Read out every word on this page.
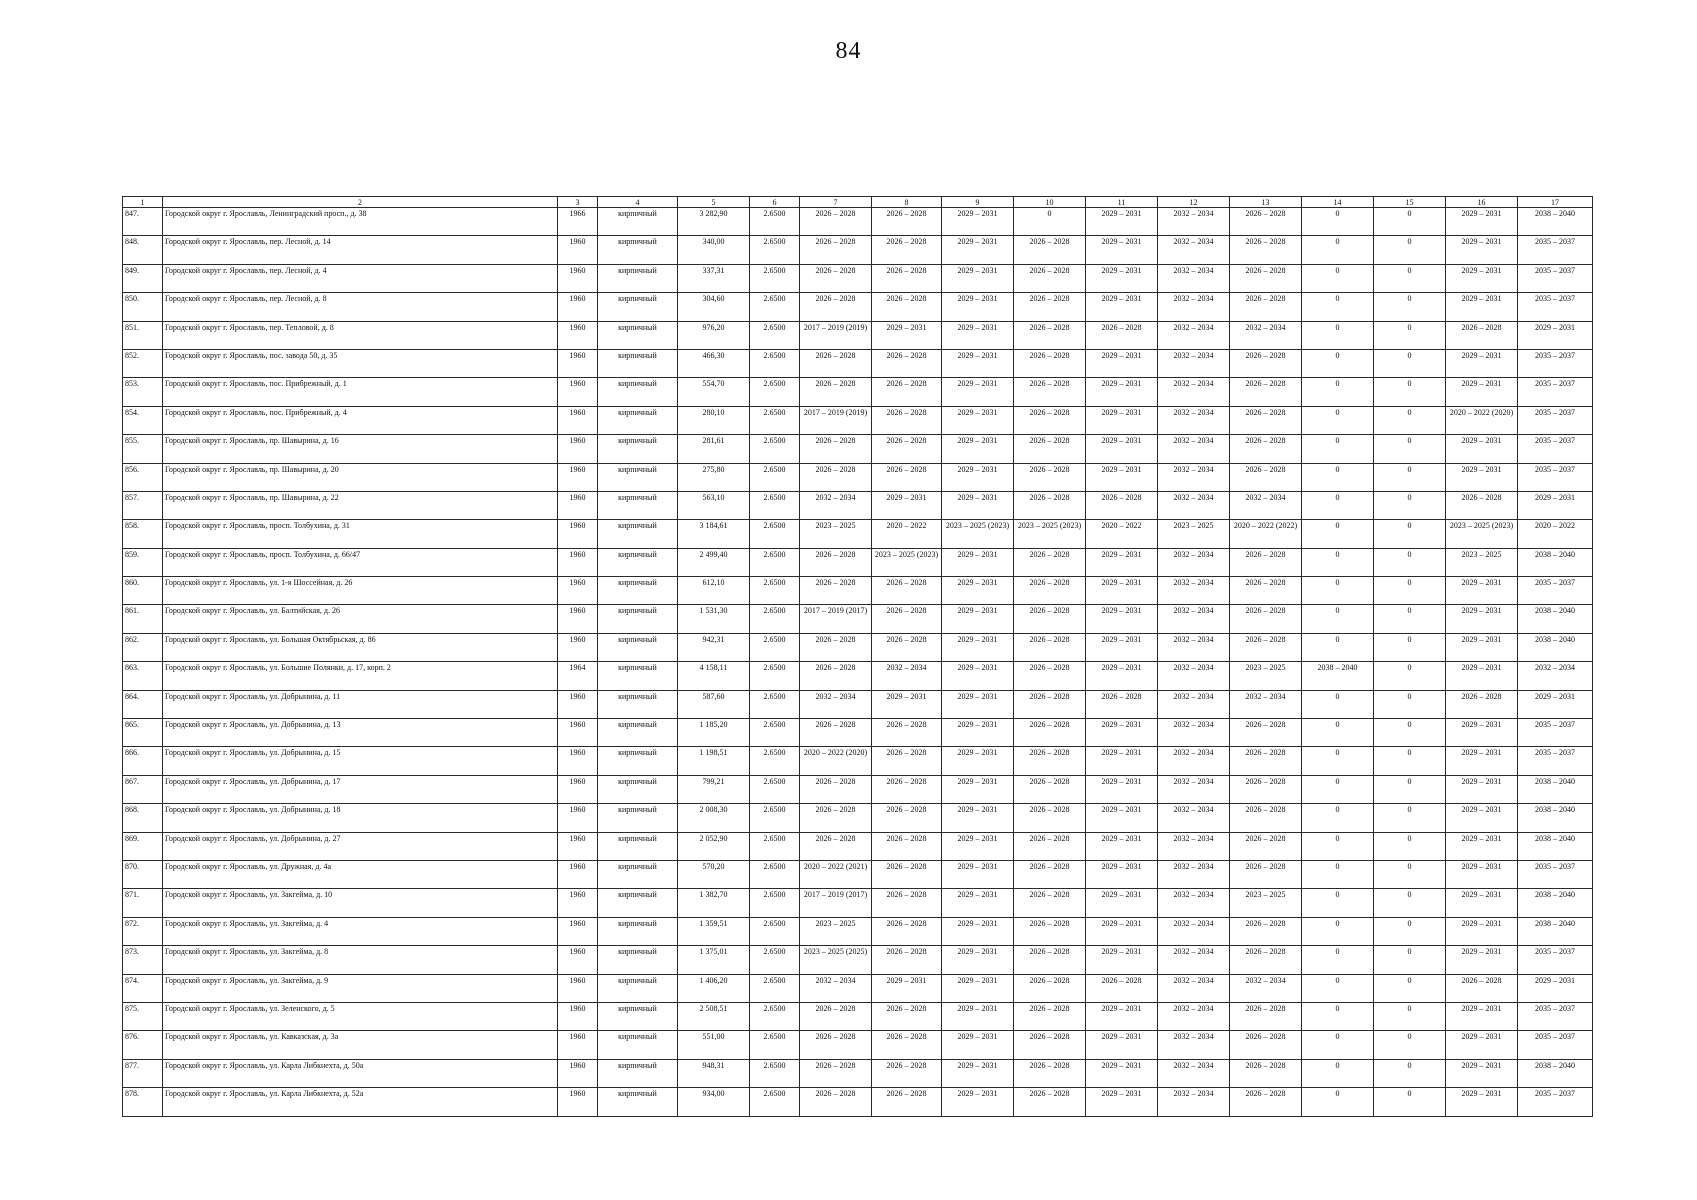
84
1	2	3	4	5	6	7	8	9	10	11	12	13	14	15	16	17
847.	Городской округ г. Ярославль, Ленинградский просп., д. 38	1966	кирпичный	3 282,90	2.6500	2026 – 2028	2026 – 2028	2029 – 2031	0	2029 – 2031	2032 – 2034	2026 – 2028	0	0	2029 – 2031	2038 – 2040
848.	Городской округ г. Ярославль, пер. Лесной, д. 14	1960	кирпичный	340,00	2.6500	2026 – 2028	2026 – 2028	2029 – 2031	2026 – 2028	2029 – 2031	2032 – 2034	2026 – 2028	0	0	2029 – 2031	2035 – 2037
849.	Городской округ г. Ярославль, пер. Лесной, д. 4	1960	кирпичный	337,31	2.6500	2026 – 2028	2026 – 2028	2029 – 2031	2026 – 2028	2029 – 2031	2032 – 2034	2026 – 2028	0	0	2029 – 2031	2035 – 2037
850.	Городской округ г. Ярославль, пер. Лесной, д. 8	1960	кирпичный	304,60	2.6500	2026 – 2028	2026 – 2028	2029 – 2031	2026 – 2028	2029 – 2031	2032 – 2034	2026 – 2028	0	0	2029 – 2031	2035 – 2037
851.	Городской округ г. Ярославль, пер. Тепловой, д. 8	1960	кирпичный	976,20	2.6500	2017 – 2019 (2019)	2029 – 2031	2029 – 2031	2026 – 2028	2026 – 2028	2032 – 2034	2032 – 2034	0	0	2026 – 2028	2029 – 2031
852.	Городской округ г. Ярославль, пос. завода 50, д. 35	1960	кирпичный	466,30	2.6500	2026 – 2028	2026 – 2028	2029 – 2031	2026 – 2028	2029 – 2031	2032 – 2034	2026 – 2028	0	0	2029 – 2031	2035 – 2037
853.	Городской округ г. Ярославль, пос. Прибрежный, д. 1	1960	кирпичный	554,70	2.6500	2026 – 2028	2026 – 2028	2029 – 2031	2026 – 2028	2029 – 2031	2032 – 2034	2026 – 2028	0	0	2029 – 2031	2035 – 2037
854.	Городской округ г. Ярославль, пос. Прибрежный, д. 4	1960	кирпичный	280,10	2.6500	2017 – 2019 (2019)	2026 – 2028	2029 – 2031	2026 – 2028	2029 – 2031	2032 – 2034	2026 – 2028	0	0	2020 – 2022 (2020)	2035 – 2037
855.	Городской округ г. Ярославль, пр. Шавырина, д. 16	1960	кирпичный	281,61	2.6500	2026 – 2028	2026 – 2028	2029 – 2031	2026 – 2028	2029 – 2031	2032 – 2034	2026 – 2028	0	0	2029 – 2031	2035 – 2037
856.	Городской округ г. Ярославль, пр. Шавырина, д. 20	1960	кирпичный	275,80	2.6500	2026 – 2028	2026 – 2028	2029 – 2031	2026 – 2028	2029 – 2031	2032 – 2034	2026 – 2028	0	0	2029 – 2031	2035 – 2037
857.	Городской округ г. Ярославль, пр. Шавырина, д. 22	1960	кирпичный	563,10	2.6500	2032 – 2034	2029 – 2031	2029 – 2031	2026 – 2028	2026 – 2028	2032 – 2034	2032 – 2034	0	0	2026 – 2028	2029 – 2031
858.	Городской округ г. Ярославль, просп. Толбухина, д. 31	1960	кирпичный	3 184,61	2.6500	2023 – 2025	2020 – 2022	2023 – 2025 (2023)	2023 – 2025 (2023)	2020 – 2022	2023 – 2025	2020 – 2022 (2022)	0	0	2023 – 2025 (2023)	2020 – 2022
859.	Городской округ г. Ярославль, просп. Толбухина, д. 66/47	1960	кирпичный	2 499,40	2.6500	2026 – 2028	2023 – 2025 (2023)	2029 – 2031	2026 – 2028	2029 – 2031	2032 – 2034	2026 – 2028	0	0	2023 – 2025	2038 – 2040
860.	Городской округ г. Ярославль, ул. 1-я Шоссейная, д. 26	1960	кирпичный	612,10	2.6500	2026 – 2028	2026 – 2028	2029 – 2031	2026 – 2028	2029 – 2031	2032 – 2034	2026 – 2028	0	0	2029 – 2031	2035 – 2037
861.	Городской округ г. Ярославль, ул. Балтийская, д. 26	1960	кирпичный	1 531,30	2.6500	2017 – 2019 (2017)	2026 – 2028	2029 – 2031	2026 – 2028	2029 – 2031	2032 – 2034	2026 – 2028	0	0	2029 – 2031	2038 – 2040
862.	Городской округ г. Ярославль, ул. Большая Октябрьская, д. 86	1960	кирпичный	942,31	2.6500	2026 – 2028	2026 – 2028	2029 – 2031	2026 – 2028	2029 – 2031	2032 – 2034	2026 – 2028	0	0	2029 – 2031	2038 – 2040
863.	Городской округ г. Ярославль, ул. Большие Полянки, д. 17, корп. 2	1964	кирпичный	4 158,11	2.6500	2026 – 2028	2032 – 2034	2029 – 2031	2026 – 2028	2029 – 2031	2032 – 2034	2023 – 2025	2038 – 2040	0	2029 – 2031	2032 – 2034
864.	Городской округ г. Ярославль, ул. Добрынина, д. 11	1960	кирпичный	587,60	2.6500	2032 – 2034	2029 – 2031	2029 – 2031	2026 – 2028	2026 – 2028	2032 – 2034	2032 – 2034	0	0	2026 – 2028	2029 – 2031
865.	Городской округ г. Ярославль, ул. Добрынина, д. 13	1960	кирпичный	1 185,20	2.6500	2026 – 2028	2026 – 2028	2029 – 2031	2026 – 2028	2029 – 2031	2032 – 2034	2026 – 2028	0	0	2029 – 2031	2035 – 2037
866.	Городской округ г. Ярославль, ул. Добрынина, д. 15	1960	кирпичный	1 198,51	2.6500	2020 – 2022 (2020)	2026 – 2028	2029 – 2031	2026 – 2028	2029 – 2031	2032 – 2034	2026 – 2028	0	0	2029 – 2031	2035 – 2037
867.	Городской округ г. Ярославль, ул. Добрынина, д. 17	1960	кирпичный	799,21	2.6500	2026 – 2028	2026 – 2028	2029 – 2031	2026 – 2028	2029 – 2031	2032 – 2034	2026 – 2028	0	0	2029 – 2031	2038 – 2040
868.	Городской округ г. Ярославль, ул. Добрынина, д. 18	1960	кирпичный	2 008,30	2.6500	2026 – 2028	2026 – 2028	2029 – 2031	2026 – 2028	2029 – 2031	2032 – 2034	2026 – 2028	0	0	2029 – 2031	2038 – 2040
869.	Городской округ г. Ярославль, ул. Добрынина, д. 27	1960	кирпичный	2 052,90	2.6500	2026 – 2028	2026 – 2028	2029 – 2031	2026 – 2028	2029 – 2031	2032 – 2034	2026 – 2028	0	0	2029 – 2031	2038 – 2040
870.	Городской округ г. Ярославль, ул. Дружная, д. 4а	1960	кирпичный	570,20	2.6500	2020 – 2022 (2021)	2026 – 2028	2029 – 2031	2026 – 2028	2029 – 2031	2032 – 2034	2026 – 2028	0	0	2029 – 2031	2035 – 2037
871.	Городской округ г. Ярославль, ул. Закгейма, д. 10	1960	кирпичный	1 382,70	2.6500	2017 – 2019 (2017)	2026 – 2028	2029 – 2031	2026 – 2028	2029 – 2031	2032 – 2034	2023 – 2025	0	0	2029 – 2031	2038 – 2040
872.	Городской округ г. Ярославль, ул. Закгейма, д. 4	1960	кирпичный	1 359,51	2.6500	2023 – 2025	2026 – 2028	2029 – 2031	2026 – 2028	2029 – 2031	2032 – 2034	2026 – 2028	0	0	2029 – 2031	2038 – 2040
873.	Городской округ г. Ярославль, ул. Закгейма, д. 8	1960	кирпичный	1 375,01	2.6500	2023 – 2025 (2025)	2026 – 2028	2029 – 2031	2026 – 2028	2029 – 2031	2032 – 2034	2026 – 2028	0	0	2029 – 2031	2035 – 2037
874.	Городской округ г. Ярославль, ул. Закгейма, д. 9	1960	кирпичный	1 406,20	2.6500	2032 – 2034	2029 – 2031	2029 – 2031	2026 – 2028	2026 – 2028	2032 – 2034	2032 – 2034	0	0	2026 – 2028	2029 – 2031
875.	Городской округ г. Ярославль, ул. Зеленского, д. 5	1960	кирпичный	2 508,51	2.6500	2026 – 2028	2026 – 2028	2029 – 2031	2026 – 2028	2029 – 2031	2032 – 2034	2026 – 2028	0	0	2029 – 2031	2035 – 2037
876.	Городской округ г. Ярославль, ул. Кавказская, д. 3а	1960	кирпичный	551,00	2.6500	2026 – 2028	2026 – 2028	2029 – 2031	2026 – 2028	2029 – 2031	2032 – 2034	2026 – 2028	0	0	2029 – 2031	2035 – 2037
877.	Городской округ г. Ярославль, ул. Карла Либкнехта, д. 50а	1960	кирпичный	948,31	2.6500	2026 – 2028	2026 – 2028	2029 – 2031	2026 – 2028	2029 – 2031	2032 – 2034	2026 – 2028	0	0	2029 – 2031	2038 – 2040
878.	Городской округ г. Ярославль, ул. Карла Либкнехта, д. 52а	1960	кирпичный	934,00	2.6500	2026 – 2028	2026 – 2028	2029 – 2031	2026 – 2028	2029 – 2031	2032 – 2034	2026 – 2028	0	0	2029 – 2031	2035 – 2037
